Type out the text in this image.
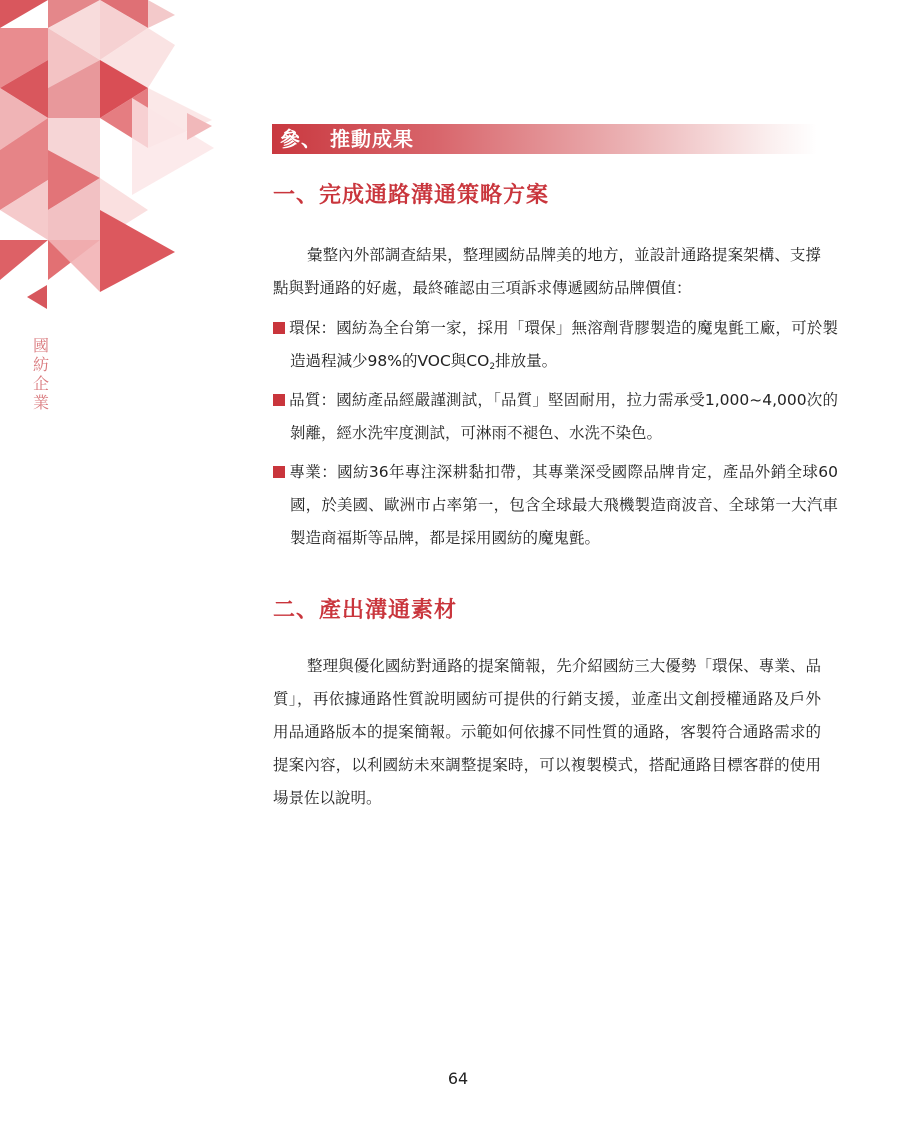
國
紡
企
業
參、 推動成果
一、完成通路溝通策略方案

彙整內外部調查結果，整理國紡品牌美的地方，並設計通路提案架構、支撐點與對通路的好處，最終確認由三項訴求傳遞國紡品牌價值：

環保：國紡為全台第一家，採用「環保」無溶劑背膠製造的魔鬼氈工廠，可於製造過程減少98%的VOC與$CO_2$排放量。

品質：國紡產品經嚴謹測試，「品質」堅固耐用，拉力需承受1,000~4,000次的剝離，經水洗牢度測試，可淋雨不褪色、水洗不染色。

專業：國紡36年專注深耕黏扣帶，其專業深受國際品牌肯定，產品外銷全球60國，於美國、歐洲市占率第一，包含全球最大飛機製造商波音、全球第一大汽車製造商福斯等品牌，都是採用國紡的魔鬼氈。

二、產出溝通素材

整理與優化國紡對通路的提案簡報，先介紹國紡三大優勢「環保、專業、品質」，再依據通路性質說明國紡可提供的行銷支援，並產出文創授權通路及戶外用品通路版本的提案簡報。示範如何依據不同性質的通路，客製符合通路需求的提案內容，以利國紡未來調整提案時，可以複製模式，搭配通路目標客群的使用場景佐以說明。

64
